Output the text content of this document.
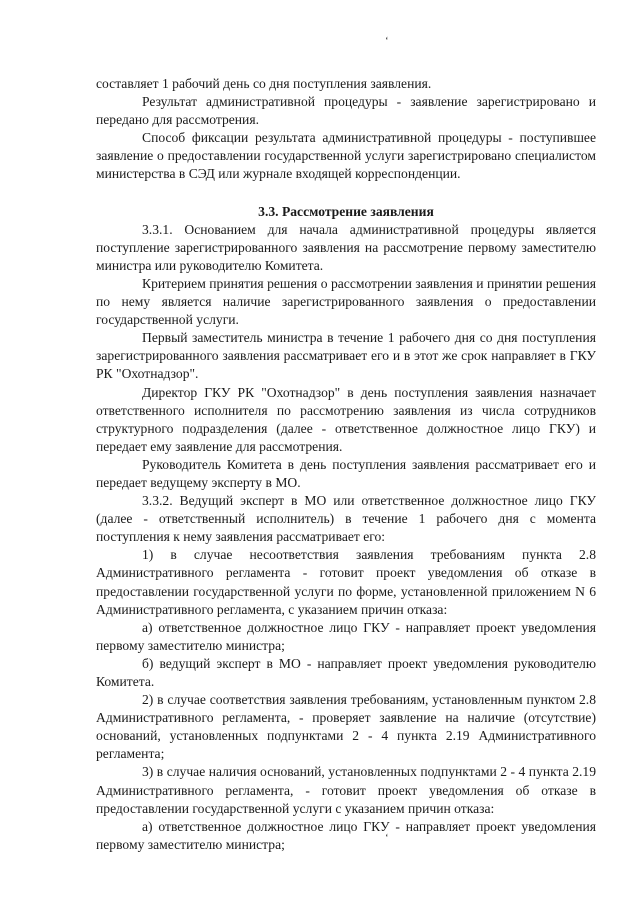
ʻ
ʻ

составляет 1 рабочий день со дня поступления заявления.

Результат административной процедуры - заявление зарегистрировано и передано для рассмотрения.

Способ фиксации результата административной процедуры - поступившее заявление о предоставлении государственной услуги зарегистрировано специалистом министерства в СЭД или журнале входящей корреспонденции.

3.3. Рассмотрение заявления

3.3.1. Основанием для начала административной процедуры является поступление зарегистрированного заявления на рассмотрение первому заместителю министра или руководителю Комитета.

Критерием принятия решения о рассмотрении заявления и принятии решения по нему является наличие зарегистрированного заявления о предоставлении государственной услуги.

Первый заместитель министра в течение 1 рабочего дня со дня поступления зарегистрированного заявления рассматривает его и в этот же срок направляет в ГКУ РК "Охотнадзор".

Директор ГКУ РК "Охотнадзор" в день поступления заявления назначает ответственного исполнителя по рассмотрению заявления из числа сотрудников структурного подразделения (далее - ответственное должностное лицо ГКУ) и передает ему заявление для рассмотрения.

Руководитель Комитета в день поступления заявления рассматривает его и передает ведущему эксперту в МО.

3.3.2. Ведущий эксперт в МО или ответственное должностное лицо ГКУ (далее - ответственный исполнитель) в течение 1 рабочего дня с момента поступления к нему заявления рассматривает его:

1) в случае несоответствия заявления требованиям пункта 2.8 Административного регламента - готовит проект уведомления об отказе в предоставлении государственной услуги по форме, установленной приложением N 6 Административного регламента, с указанием причин отказа:

а) ответственное должностное лицо ГКУ - направляет проект уведомления первому заместителю министра;

б) ведущий эксперт в МО - направляет проект уведомления руководителю Комитета.

2) в случае соответствия заявления требованиям, установленным пунктом 2.8 Административного регламента, - проверяет заявление на наличие (отсутствие) оснований, установленных подпунктами 2 - 4 пункта 2.19 Административного регламента;

3) в случае наличия оснований, установленных подпунктами 2 - 4 пункта 2.19 Административного регламента, - готовит проект уведомления об отказе в предоставлении государственной услуги с указанием причин отказа:

а) ответственное должностное лицо ГКУ - направляет проект уведомления первому заместителю министра;
